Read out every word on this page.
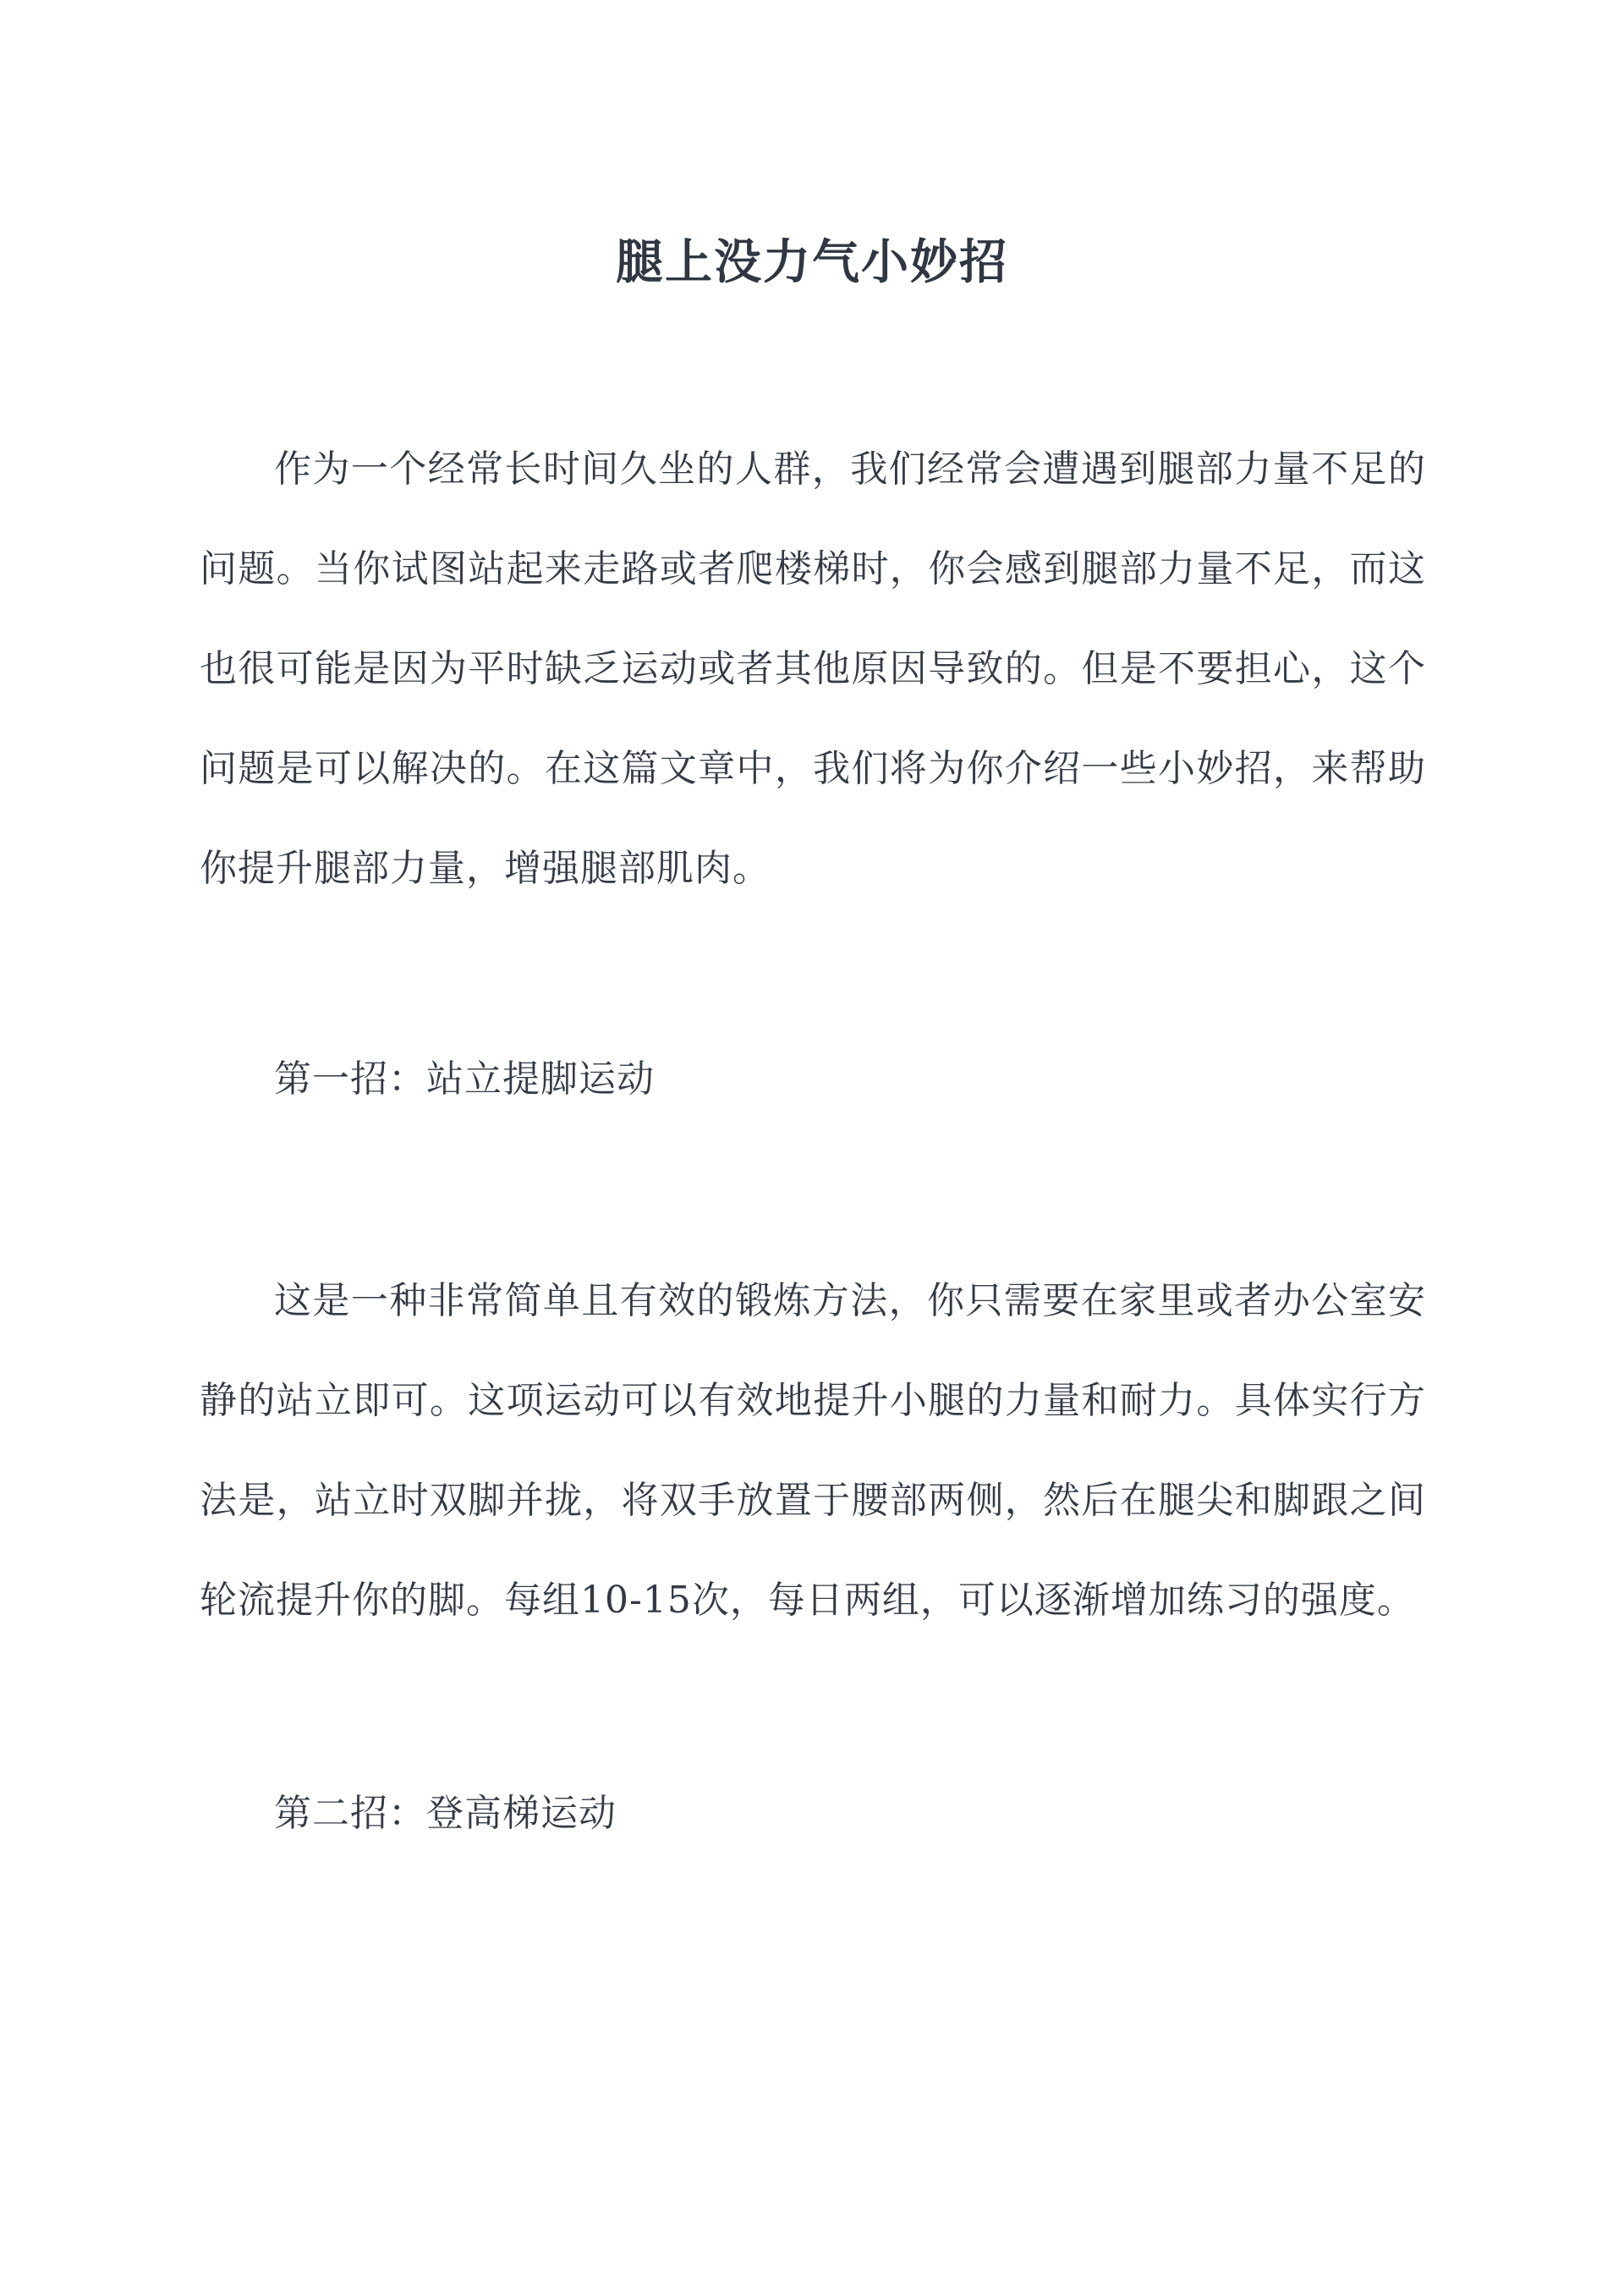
腿上没力气小妙招

作为一个经常长时间久坐的人群，我们经常会遭遇到腿部力量不足的问题。当你试图站起来走路或者爬楼梯时，你会感到腿部力量不足，而这也很可能是因为平时缺乏运动或者其他原因导致的。但是不要担心，这个问题是可以解决的。在这篇文章中，我们将为你介绍一些小妙招，来帮助你提升腿部力量，增强腿部肌肉。

第一招：站立提脚运动

这是一种非常简单且有效的锻炼方法，你只需要在家里或者办公室安静的站立即可。这项运动可以有效地提升小腿的力量和耐力。具体实行方法是，站立时双脚并拢，将双手放置于腰部两侧，然后在腿尖和脚跟之间轮流提升你的脚。每组10-15次，每日两组，可以逐渐增加练习的强度。

第二招：登高梯运动
